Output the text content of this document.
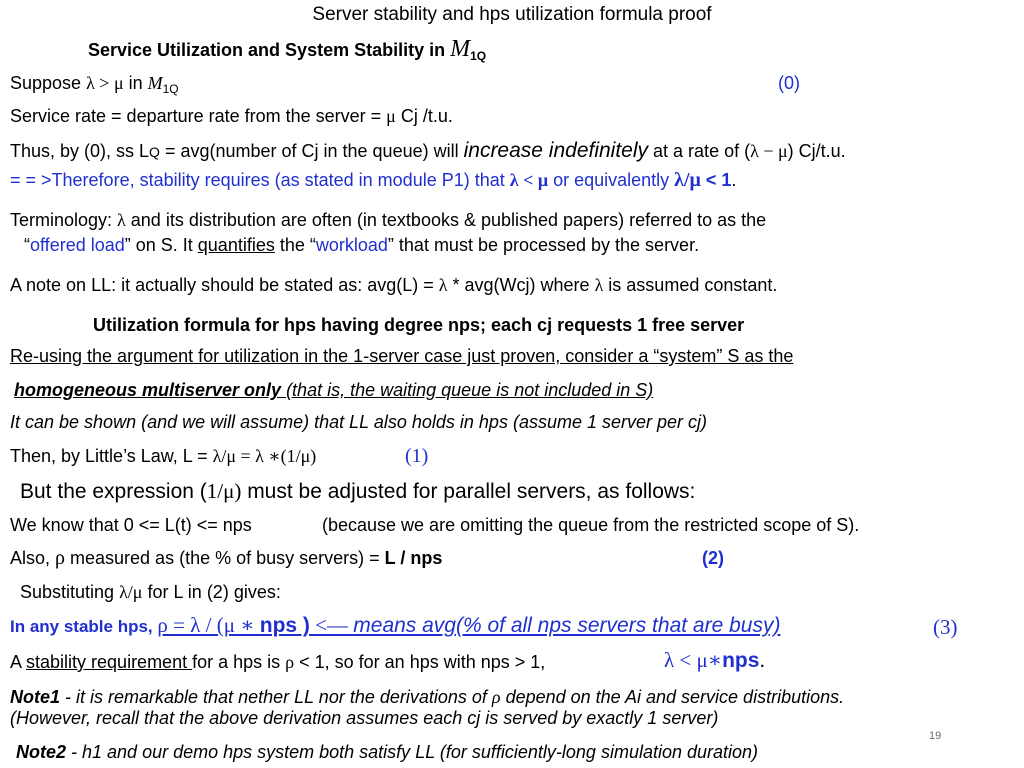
Server stability and hps utilization formula proof
Service Utilization and System Stability in $M_{1Q}$
Suppose λ > μ in $M_{1Q}$	(0)
Service rate = departure rate from the server = μ Cj /t.u.
Thus, by (0), ss LQ = avg(number of Cj in the queue) will increase indefinitely at a rate of (λ − μ) Cj/t.u.
= = >Therefore, stability requires (as stated in module P1) that λ < μ or equivalently λ/μ < 1.
Terminology: λ and its distribution are often (in textbooks & published papers) referred to as the
“offered load” on S. It quantifies the “workload” that must be processed by the server.
A note on LL: it actually should be stated as: avg(L) = λ * avg(Wcj) where λ is assumed constant.
Utilization formula for hps having degree nps; each cj requests 1 free server
Re-using the argument for utilization in the 1-server case just proven, consider a “system” S as the
homogeneous multiserver only (that is, the waiting queue is not included in S)
It can be shown (and we will assume) that LL also holds in hps (assume 1 server per cj)
Then, by Little’s Law, L = λ/μ = λ ∗(1/μ)	(1)
But the expression (1/μ) must be adjusted for parallel servers, as follows:
We know that 0 <= L(t) <= nps	(because we are omitting the queue from the restricted scope of S).
Also, ρ measured as (the % of busy servers) = L / nps	(2)
Substituting λ/μ for L in (2) gives:
In any stable hps, ρ = λ / (μ ∗ nps ) <–– means avg(% of all nps servers that are busy)	(3)
A stability requirement for a hps is ρ < 1, so for an hps with nps > 1,	λ < μ∗nps.
Note1 - it is remarkable that nether LL nor the derivations of ρ depend on the Ai and service distributions.
(However, recall that the above derivation assumes each cj is served by exactly 1 server)
19
Note2 - h1 and our demo hps system both satisfy LL (for sufficiently-long simulation duration)
